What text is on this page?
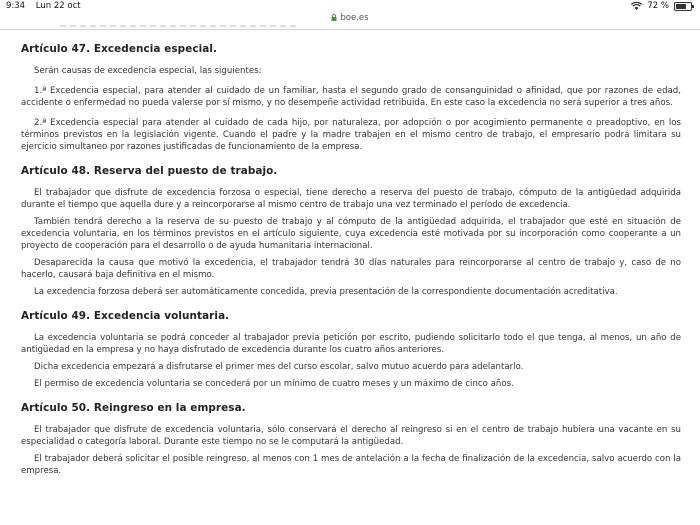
9:34 Lun 22 oct	72 %
boe.es
Artículo 47. Excedencia especial.

Serán causas de excedencia especial, las siguientes:

1.ª Excedencia especial, para atender al cuidado de un familiar, hasta el segundo grado de consanguinidad o afinidad, que por razones de edad, accidente o enfermedad no pueda valerse por sí mismo, y no desempeñe actividad retribuida. En este caso la excedencia no será superior a tres años.

2.ª Excedencia especial para atender al cuidado de cada hijo, por naturaleza, por adopción o por acogimiento permanente o preadoptivo, en los términos previstos en la legislación vigente. Cuando el padre y la madre trabajen en el mismo centro de trabajo, el empresario podrá limitara su ejercicio simultaneo por razones justificadas de funcionamiento de la empresa.

Artículo 48. Reserva del puesto de trabajo.

El trabajador que disfrute de excedencia forzosa o especial, tiene derecho a reserva del puesto de trabajo, cómputo de la antigüedad adquirida durante el tiempo que aquella dure y a reincorporarse al mismo centro de trabajo una vez terminado el período de excedencia.

También tendrá derecho a la reserva de su puesto de trabajo y al cómputo de la antigüedad adquirida, el trabajador que esté en situación de excedencia voluntaria, en los términos previstos en el artículo siguiente, cuya excedencia esté motivada por su incorporación como cooperante a un proyecto de cooperación para el desarrollo o de ayuda humanitaria internacional.

Desaparecida la causa que motivó la excedencia, el trabajador tendrá 30 días naturales para reincorporarse al centro de trabajo y, caso de no hacerlo, causará baja definitiva en el mismo.

La excedencia forzosa deberá ser automáticamente concedida, previa presentación de la correspondiente documentación acreditativa.

Artículo 49. Excedencia voluntaria.

La excedencia voluntaria se podrá conceder al trabajador previa petición por escrito, pudiendo solicitarlo todo el que tenga, al menos, un año de antigüedad en la empresa y no haya disfrutado de excedencia durante los cuatro años anteriores.

Dicha excedencia empezará a disfrutarse el primer mes del curso escolar, salvo mutuo acuerdo para adelantarlo.

El permiso de excedencia voluntaria se concederá por un mínimo de cuatro meses y un máximo de cinco años.

Artículo 50. Reingreso en la empresa.

El trabajador que disfrute de excedencia voluntaria, sólo conservará el derecho al reingreso si en el centro de trabajo hubiera una vacante en su especialidad o categoría laboral. Durante este tiempo no se le computará la antigüedad.

El trabajador deberá solicitar el posible reingreso, al menos con 1 mes de antelación a la fecha de finalización de la excedencia, salvo acuerdo con la empresa.
